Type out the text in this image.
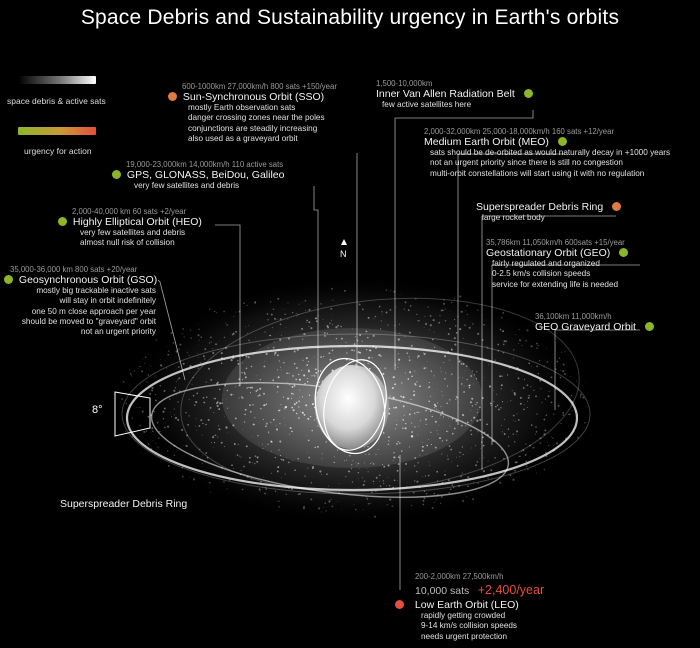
Space Debris and Sustainability urgency in Earth's orbits
space debris & active sats
urgency for action
600-1000km 27,000km/h 800 sats +150/year
Sun-Synchronous Orbit (SSO)
mostly Earth observation sats
danger crossing zones near the poles
conjunctions are steadily increasing
also used as a graveyard orbit
1,500-10,000km
Inner Van Allen Radiation Belt
few active satellites here
2,000-32,000km 25,000-18,000km/h 160 sats +12/year
Medium Earth Orbit (MEO)
sats should be de-orbited as would naturally decay in +1000 years
not an urgent priority since there is still no congestion
multi-orbit constellations will start using it with no regulation
19,000-23,000km 14,000km/h 110 active sats
GPS, GLONASS, BeiDou, Galileo
very few satellites and debris
2,000-40,000 km 60 sats +2/year
Highly Elliptical Orbit (HEO)
very few satellites and debris
almost null risk of collision
Superspreader Debris Ring
large rocket body
35,000-36,000 km 800 sats +20/year
Geosynchronous Orbit (GSO)
mostly big trackable inactive sats
will stay in orbit indefinitely
one 50 m close approach per year
should be moved to "graveyard" orbit
not an urgent priority
35,786km 11,050km/h 600sats +15/year
Geostationary Orbit (GEO)
fairly regulated and organized
0-2.5 km/s collision speeds
service for extending life is needed
36,100km 11,000km/h
GEO Graveyard Orbit
N
8°
Superspreader Debris Ring
200-2,000km 27,500km/h
10,000 sats +2,400/year
Low Earth Orbit (LEO)
rapidly getting crowded
9-14 km/s collision speeds
needs urgent protection
